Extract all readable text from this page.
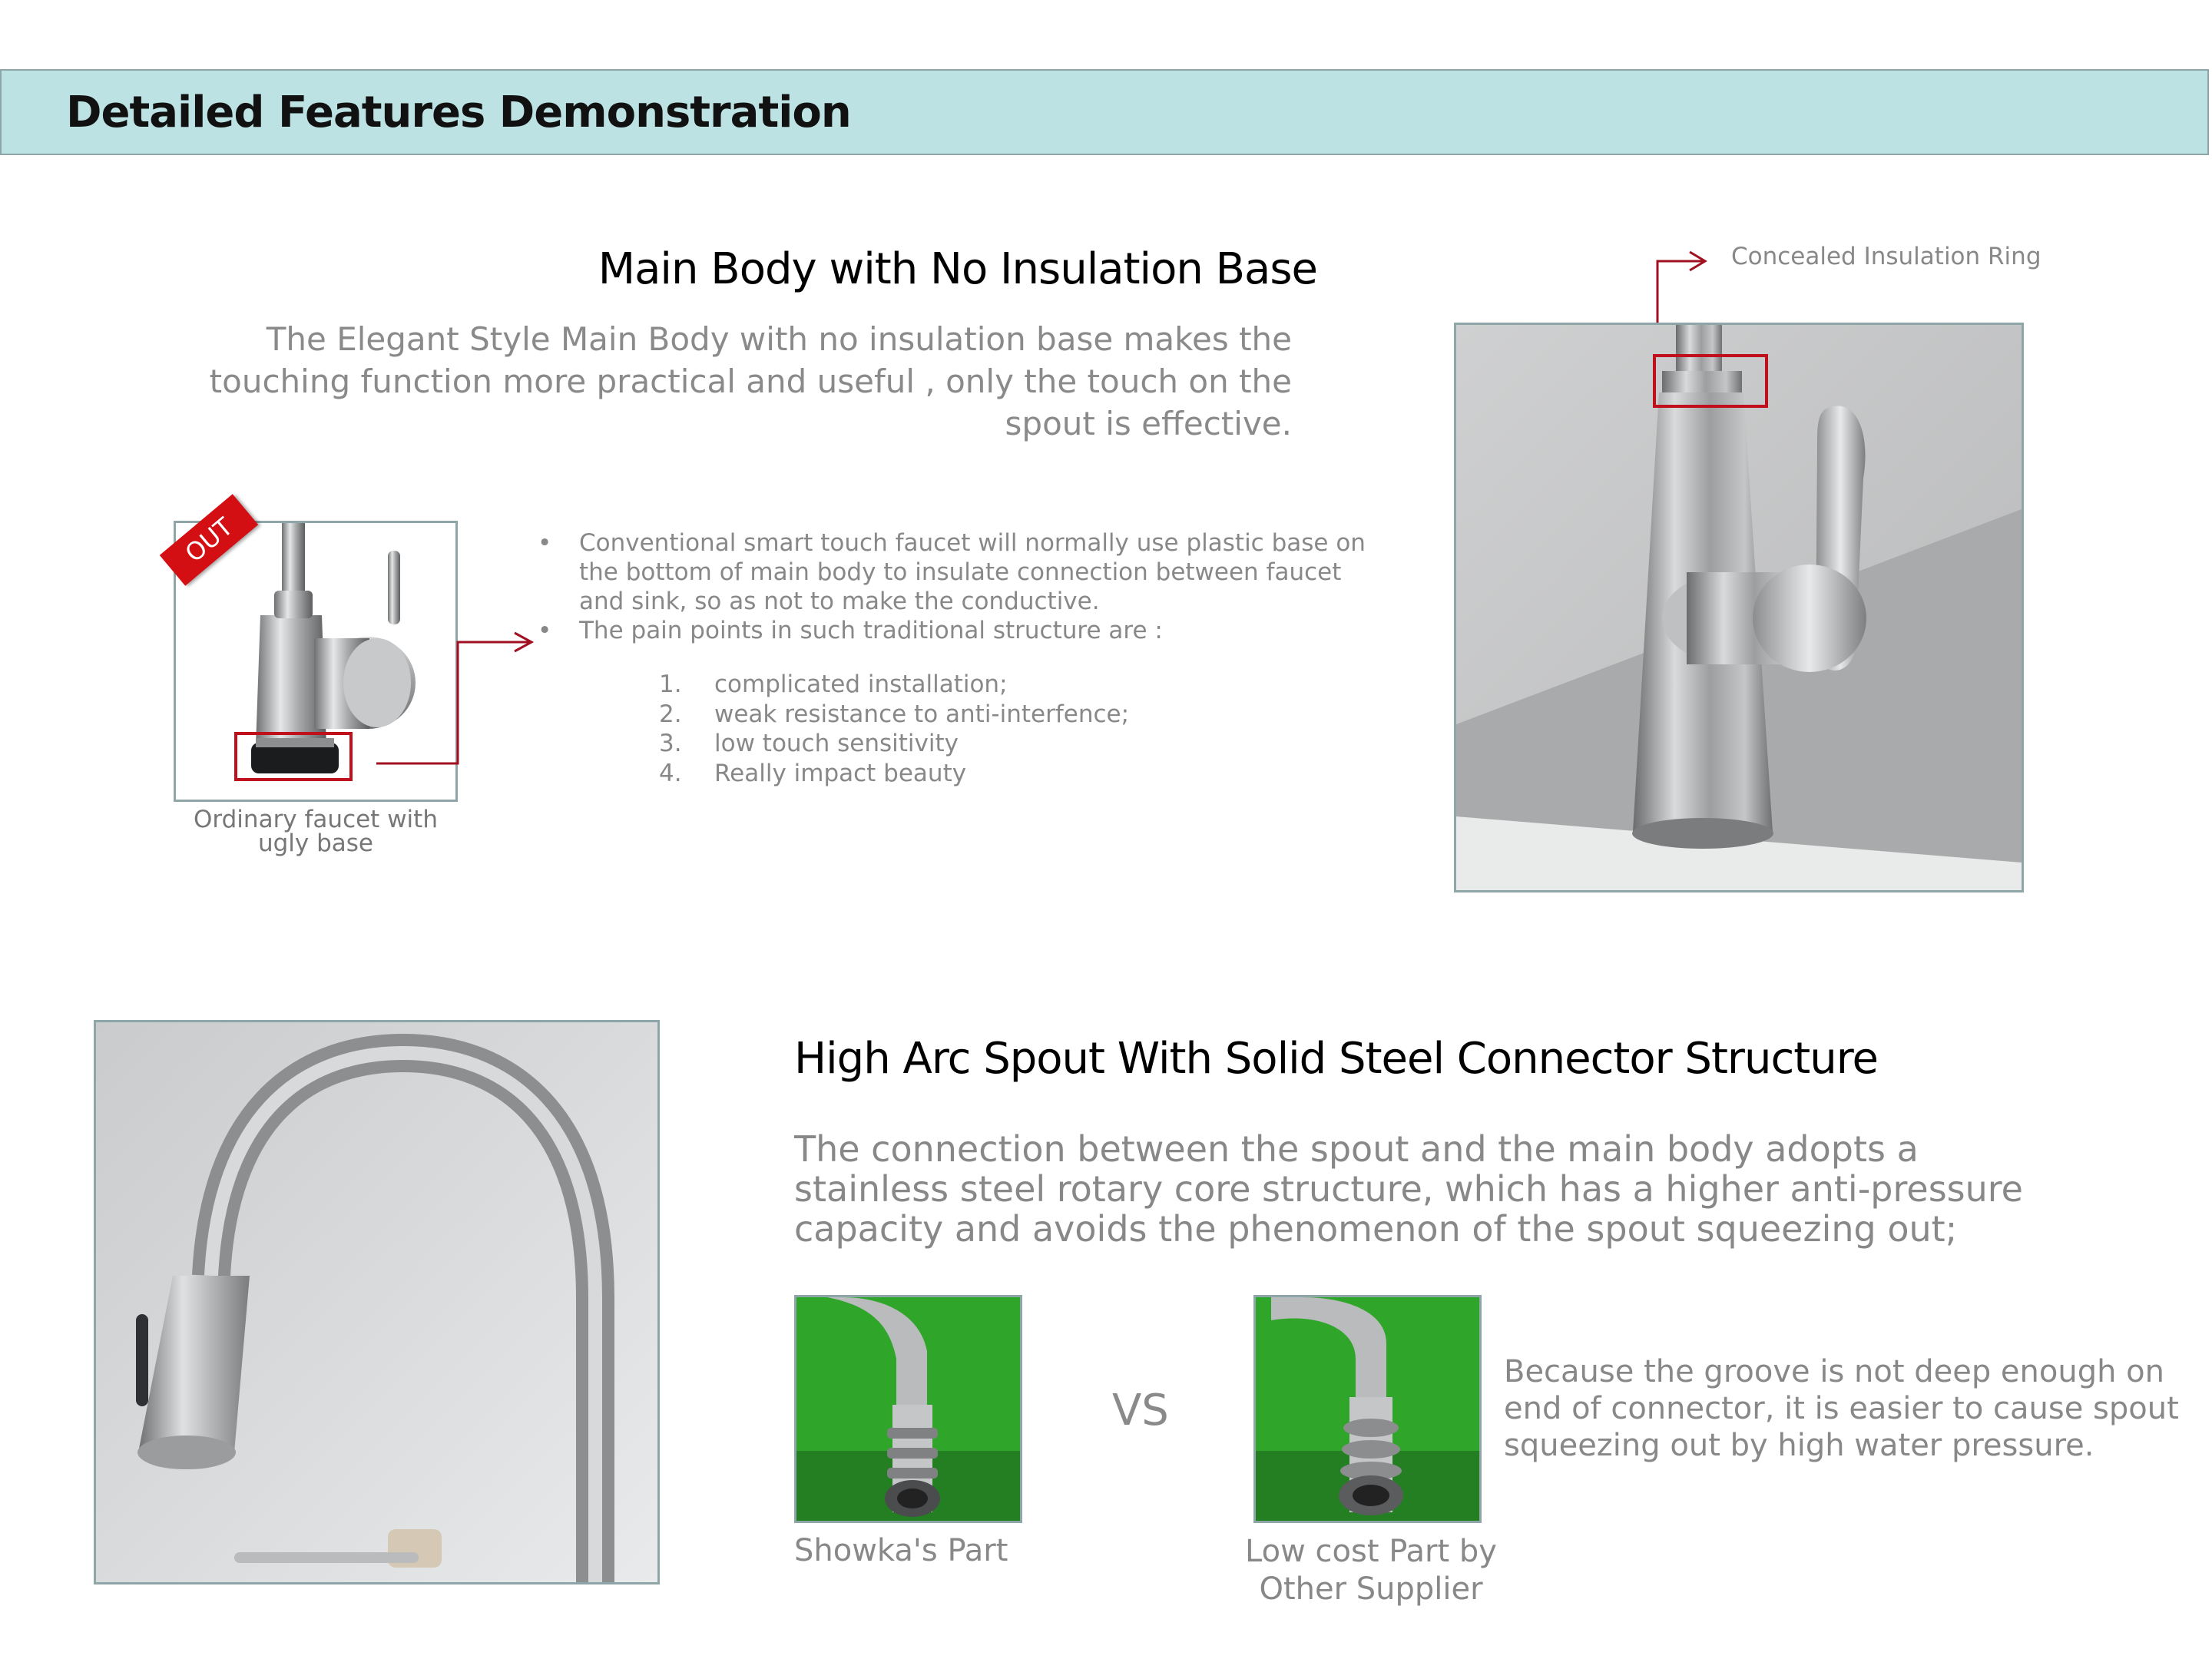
Detailed Features Demonstration
Main Body with No Insulation Base
The Elegant Style Main Body with no insulation base makes the touching function more practical and useful , only the touch on the spout is effective.
OUT
Ordinary faucet with
ugly base
• Conventional smart touch faucet will normally use plastic base on the bottom of main body to insulate connection between faucet and sink, so as not to make the conductive.
• The pain points in such traditional structure are :
1. complicated installation;
2. weak resistance to anti-interfence;
3. low touch sensitivity
4. Really impact beauty
Concealed Insulation Ring
High Arc Spout With Solid Steel Connector Structure
The connection between the spout and the main body adopts a stainless steel rotary core structure, which has a higher anti-pressure capacity and avoids the phenomenon of the spout squeezing out;
VS
Showka's Part	Low cost Part by
Other Supplier
Because the groove is not deep enough on end of connector, it is easier to cause spout squeezing out by high water pressure.
